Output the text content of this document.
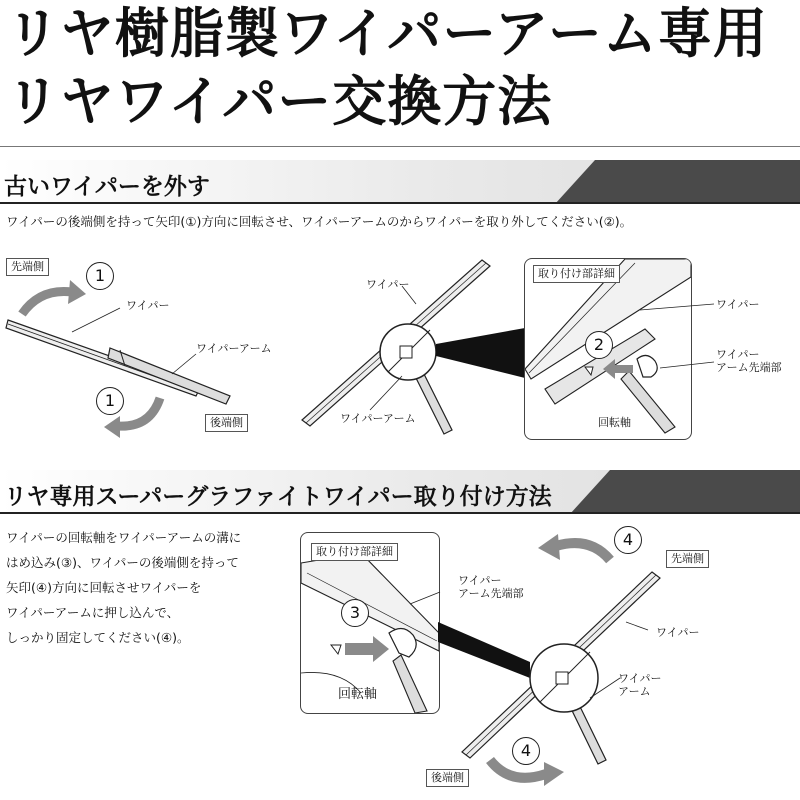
リヤ樹脂製ワイパーアーム専用
リヤワイパー交換方法
古いワイパーを外す
ワイパーの後端側を持って矢印(①)方向に回転させ、ワイパーアームのからワイパーを取り外してください(②)。
先端側	1
ワイパー
ワイパーアーム
1
後端側
ワイパー
ワイパーアーム
取り付け部詳細
2
ワイパー
ワイパー
アーム先端部
回転軸
リヤ専用スーパーグラファイトワイパー取り付け方法
ワイパーの回転軸をワイパーアームの溝に
はめ込み(③)、ワイパーの後端側を持って
矢印(④)方向に回転させワイパーを
ワイパーアームに押し込んで、
しっかり固定してください(④)。
取り付け部詳細
3
回転軸
ワイパー
アーム先端部
4
先端側
ワイパー
ワイパー
アーム
4
後端側
